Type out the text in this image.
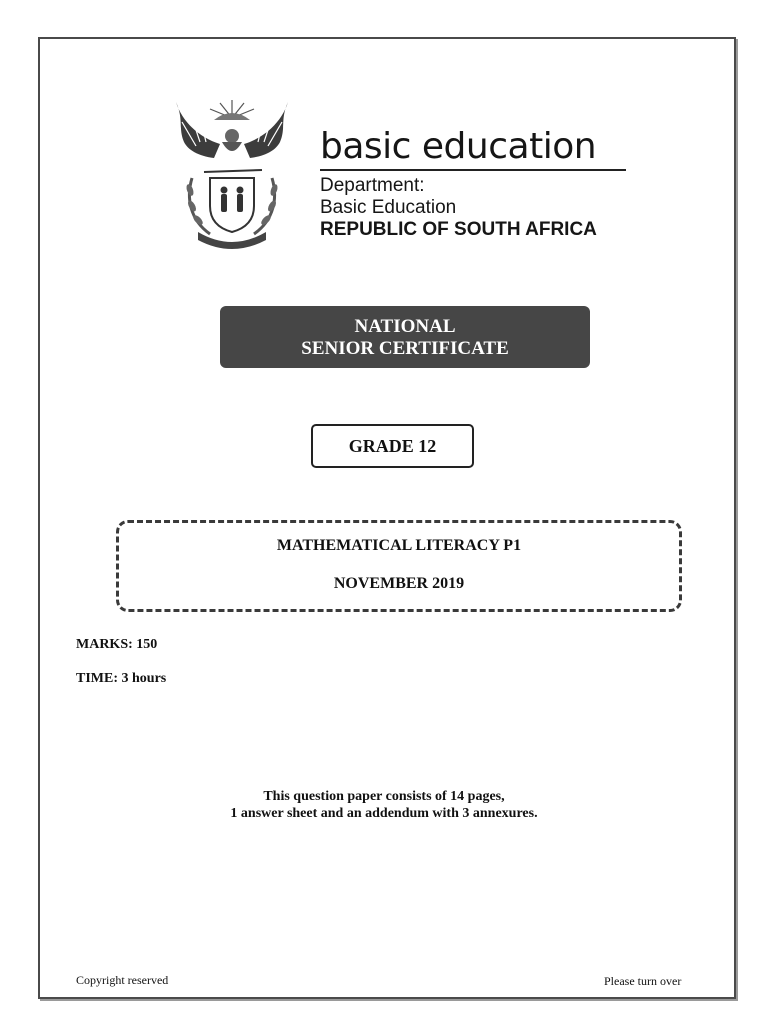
basic education
Department:
Basic Education
REPUBLIC OF SOUTH AFRICA
NATIONAL
SENIOR CERTIFICATE
GRADE 12
MATHEMATICAL LITERACY P1
NOVEMBER 2019
MARKS: 150
TIME: 3 hours
This question paper consists of 14 pages,
1 answer sheet and an addendum with 3 annexures.
Copyright reserved	Please turn over
